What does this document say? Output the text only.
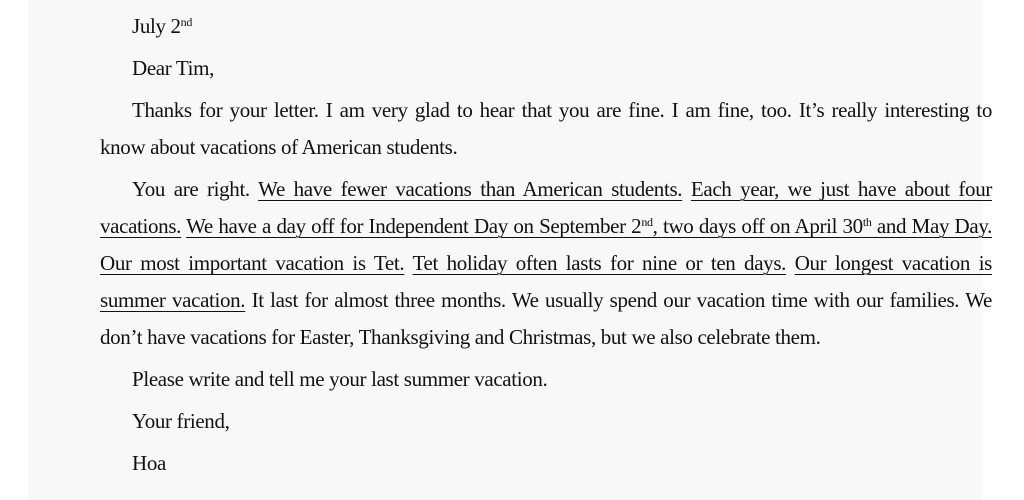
July 2nd

Dear Tim,

Thanks for your letter. I am very glad to hear that you are fine. I am fine, too. It’s really interesting to know about vacations of American students.

You are right. We have fewer vacations than American students. Each year, we just have about four vacations. We have a day off for Independent Day on September 2nd, two days off on April 30th and May Day. Our most important vacation is Tet. Tet holiday often lasts for nine or ten days. Our longest vacation is summer vacation. It last for almost three months. We usually spend our vacation time with our families. We don’t have vacations for Easter, Thanksgiving and Christmas, but we also celebrate them.

Please write and tell me your last summer vacation.

Your friend,

Hoa
